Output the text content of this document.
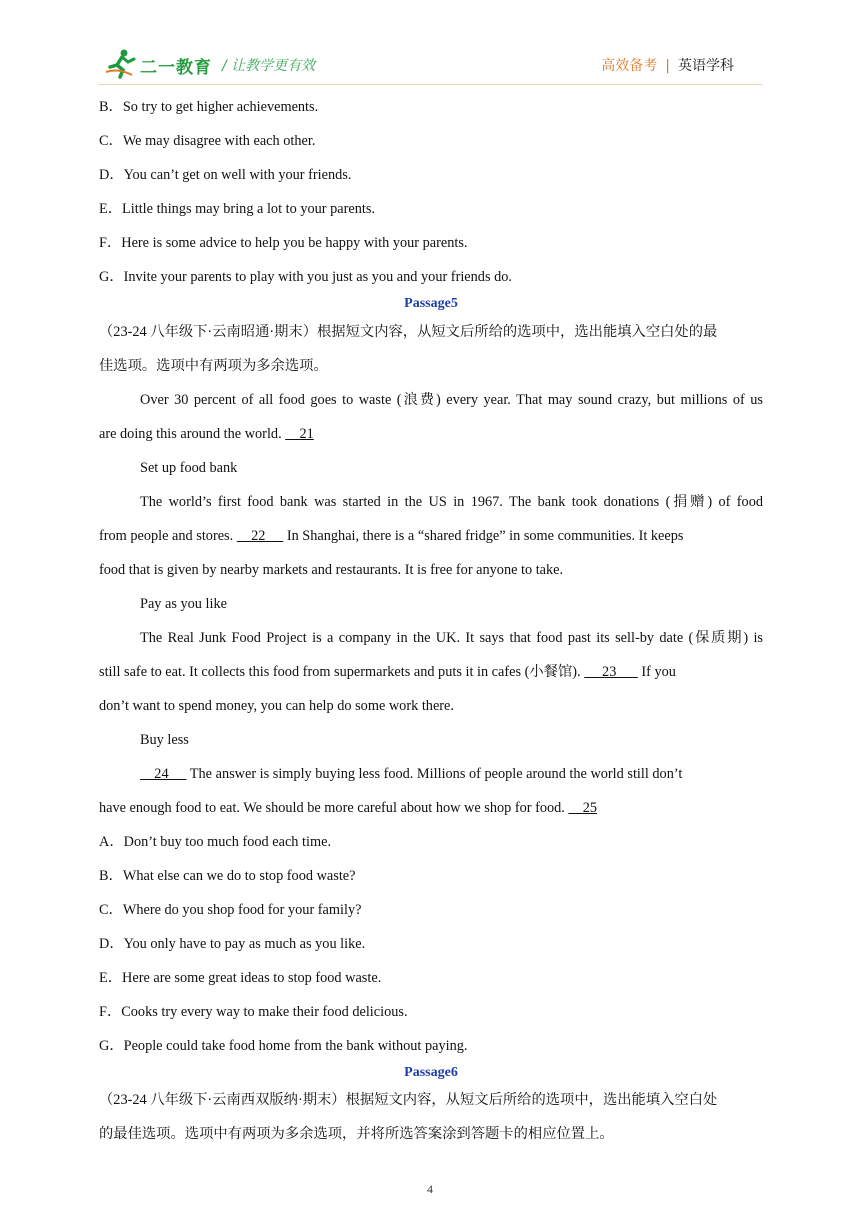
二一教育 / 让教学更有效	高效备考 | 英语学科
B．So try to get higher achievements.
C．We may disagree with each other.
D．You can’t get on well with your friends.
E．Little things may bring a lot to your parents.
F．Here is some advice to help you be happy with your parents.
G．Invite your parents to play with you just as you and your friends do.
Passage5
（23-24 八年级下·云南昭通·期末）根据短文内容，从短文后所给的选项中，选出能填入空白处的最
佳选项。选项中有两项为多余选项。
Over 30 percent of all food goes to waste (浪费) every year. That may sound crazy, but millions of us
are doing this around the world.     21
Set up food bank
The world’s first food bank was started in the US in 1967. The bank took donations (捐赠) of food
from people and stores.     22      In Shanghai, there is a “shared fridge” in some communities. It keeps
food that is given by nearby markets and restaurants. It is free for anyone to take.
Pay as you like
The Real Junk Food Project is a company in the UK. It says that food past its sell-by date (保质期) is
still safe to eat. It collects this food from supermarkets and puts it in cafes (小餐馆).      23       If you
don’t want to spend money, you can help do some work there.
Buy less
24      The answer is simply buying less food. Millions of people around the world still don’t
have enough food to eat. We should be more careful about how we shop for food.     25
A．Don’t buy too much food each time.
B．What else can we do to stop food waste?
C．Where do you shop food for your family?
D．You only have to pay as much as you like.
E．Here are some great ideas to stop food waste.
F．Cooks try every way to make their food delicious.
G．People could take food home from the bank without paying.
Passage6
（23-24 八年级下·云南西双版纳·期末）根据短文内容，从短文后所给的选项中，选出能填入空白处
的最佳选项。选项中有两项为多余选项，并将所选答案涂到答题卡的相应位置上。
4
